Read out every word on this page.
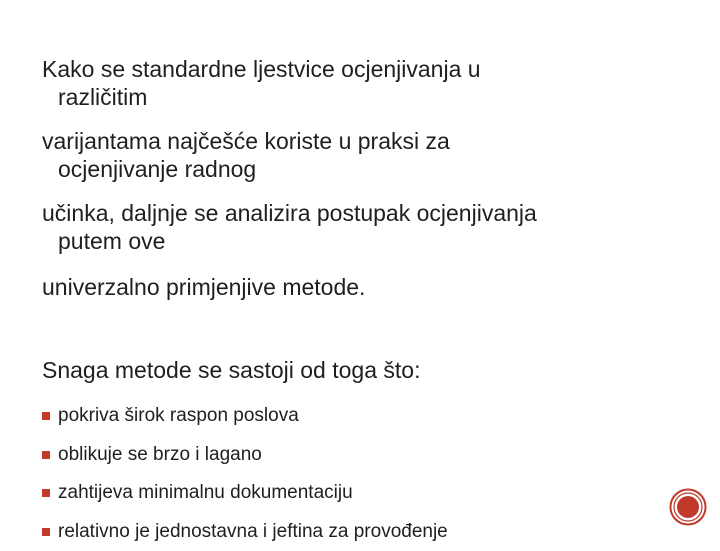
Kako se standardne ljestvice ocjenjivanja u
različitim

varijantama najčešće koriste u praksi za
ocjenjivanje radnog

učinka, daljnje se analizira postupak ocjenjivanja
putem ove

univerzalno primjenjive metode.

Snaga metode se sastoji od toga što:

pokriva širok raspon poslova
oblikuje se brzo i lagano
zahtijeva minimalnu dokumentaciju
relativno je jednostavna i jeftina za provođenje
